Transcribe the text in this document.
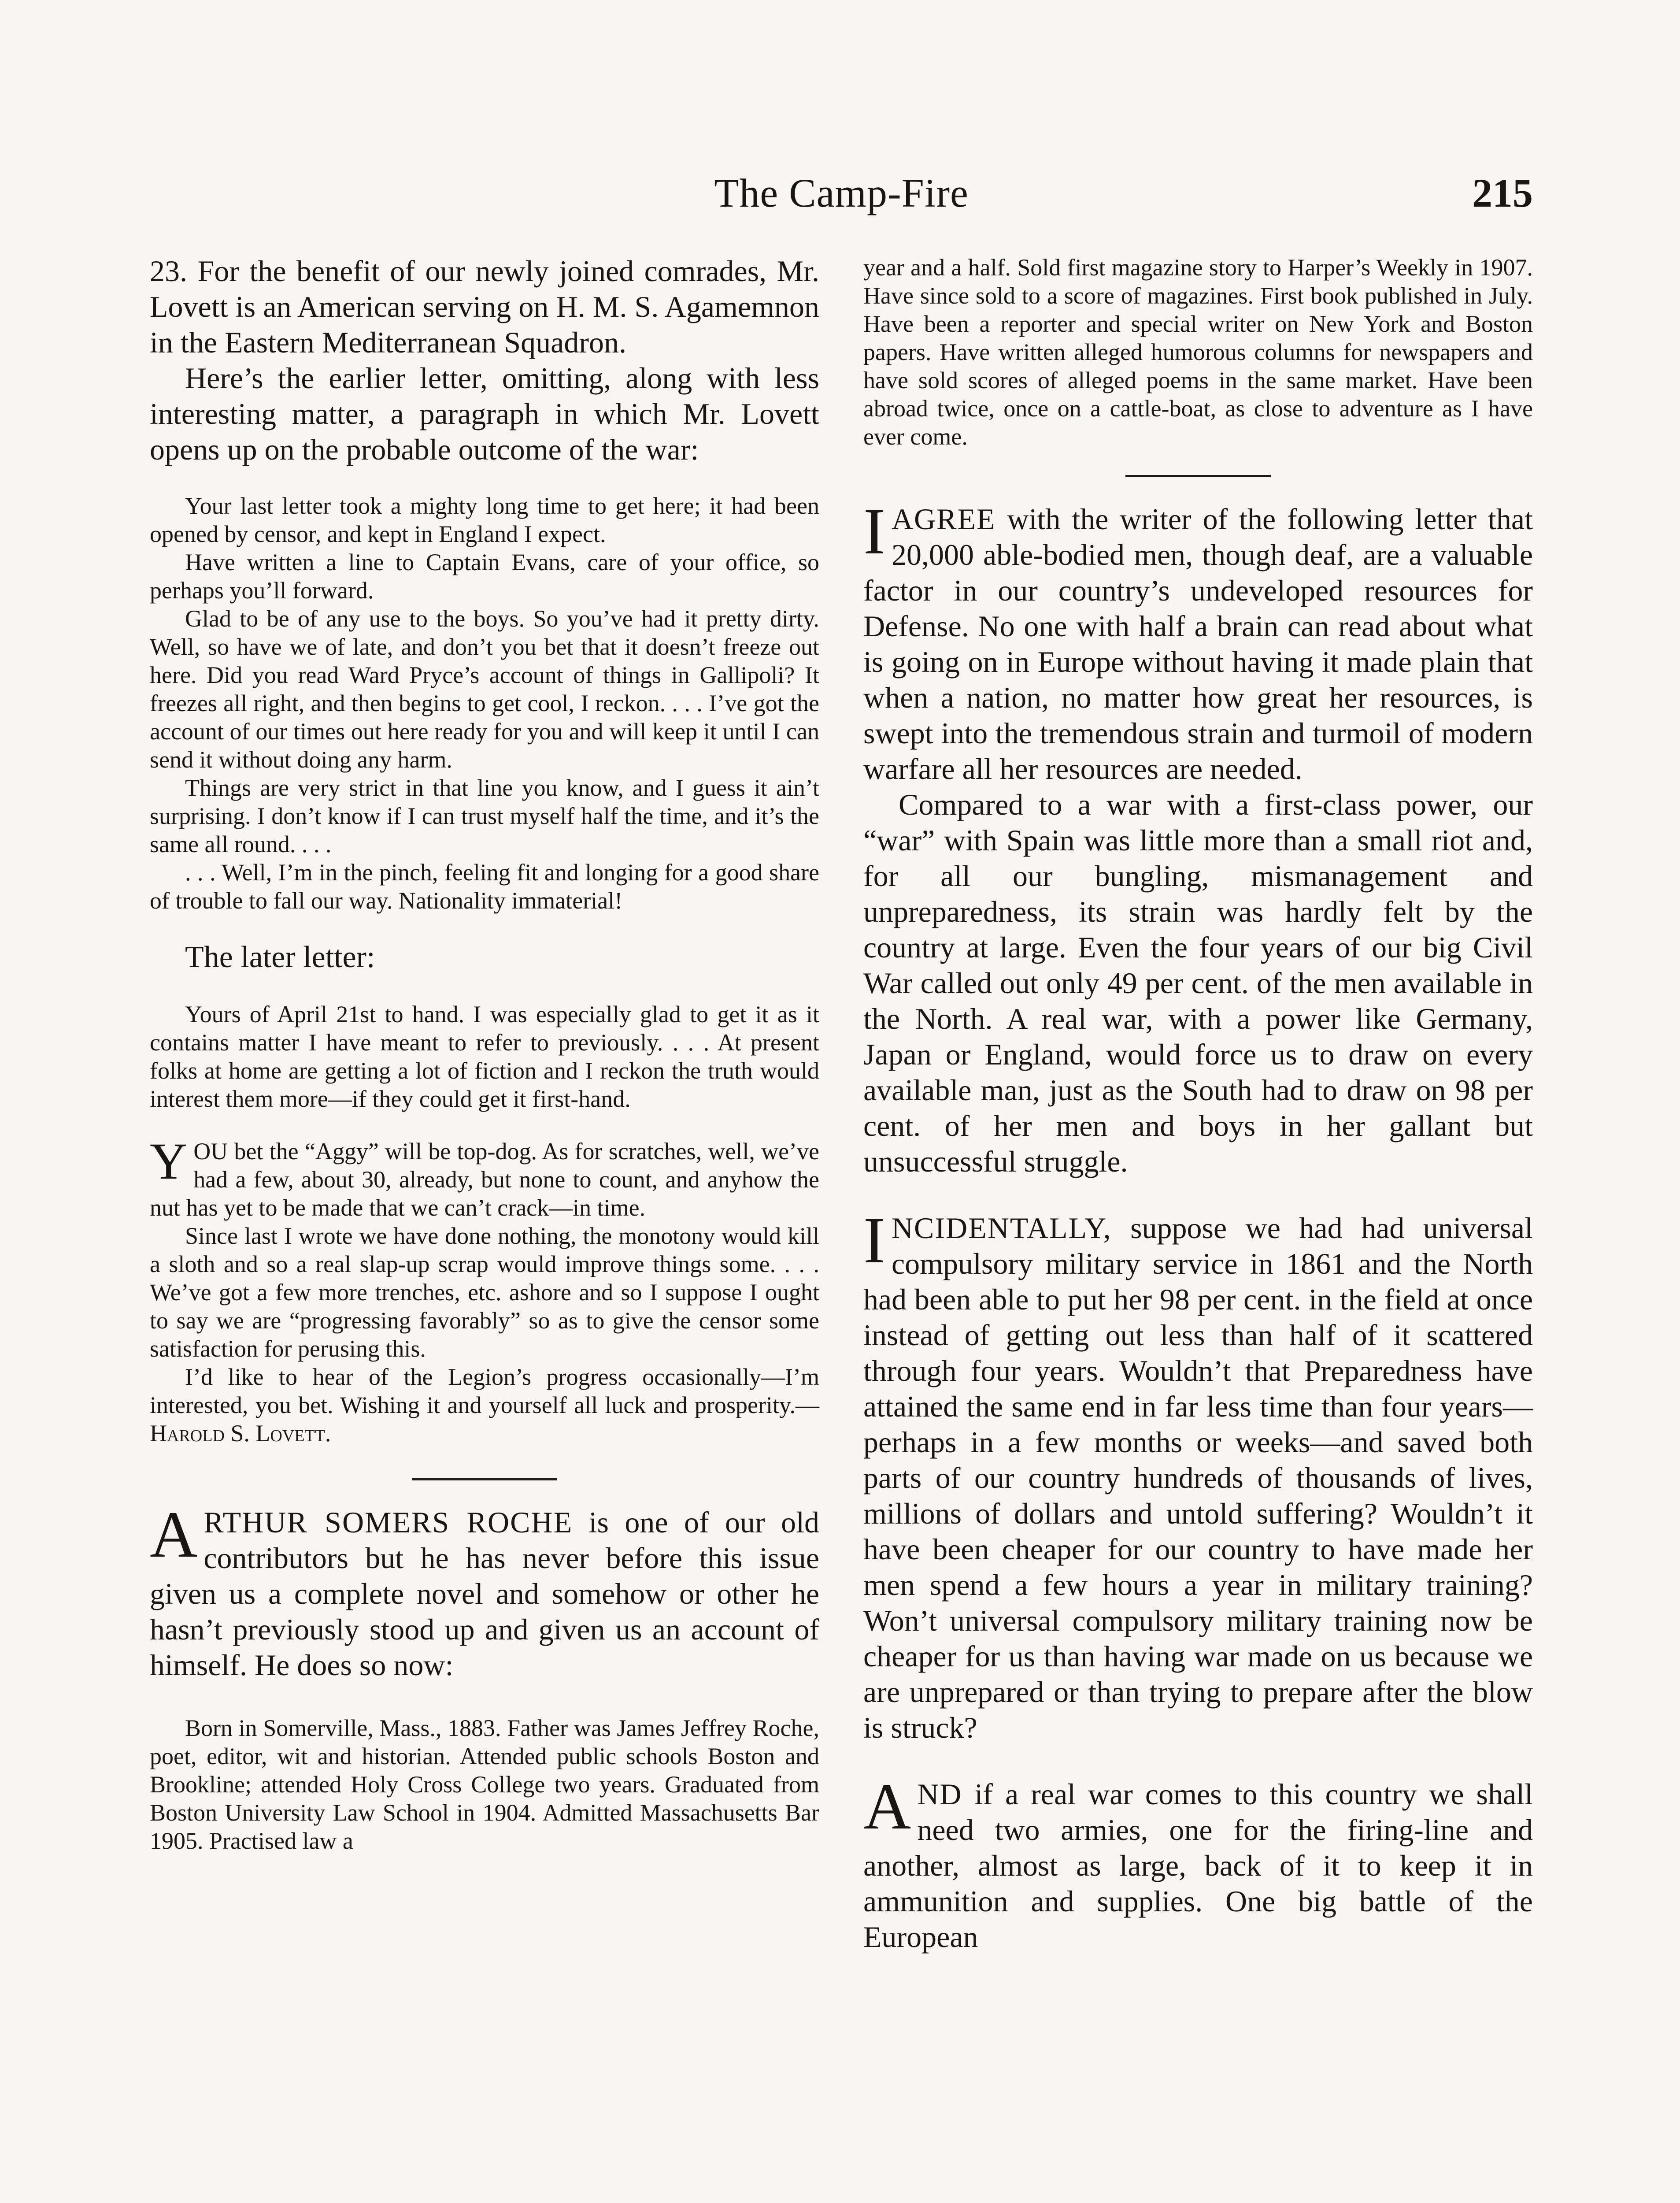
The Camp-Fire	215

23. For the benefit of our newly joined comrades, Mr. Lovett is an American serving on H. M. S. Agamemnon in the Eastern Mediterranean Squadron.

Here’s the earlier letter, omitting, along with less interesting matter, a paragraph in which Mr. Lovett opens up on the probable outcome of the war:

Your last letter took a mighty long time to get here; it had been opened by censor, and kept in England I expect.

Have written a line to Captain Evans, care of your office, so perhaps you’ll forward.

Glad to be of any use to the boys. So you’ve had it pretty dirty. Well, so have we of late, and don’t you bet that it doesn’t freeze out here. Did you read Ward Pryce’s account of things in Gallipoli? It freezes all right, and then begins to get cool, I reckon. . . . I’ve got the account of our times out here ready for you and will keep it until I can send it without doing any harm.

Things are very strict in that line you know, and I guess it ain’t surprising. I don’t know if I can trust myself half the time, and it’s the same all round. . . .

. . . Well, I’m in the pinch, feeling fit and longing for a good share of trouble to fall our way. Nationality immaterial!

The later letter:

Yours of April 21st to hand. I was especially glad to get it as it contains matter I have meant to refer to previously. . . . At present folks at home are getting a lot of fiction and I reckon the truth would interest them more—if they could get it first-hand.

YOU bet the “Aggy” will be top-dog. As for scratches, well, we’ve had a few, about 30, already, but none to count, and anyhow the nut has yet to be made that we can’t crack—in time.

Since last I wrote we have done nothing, the monotony would kill a sloth and so a real slap-up scrap would improve things some. . . . We’ve got a few more trenches, etc. ashore and so I suppose I ought to say we are “progressing favorably” so as to give the censor some satisfaction for perusing this.

I’d like to hear of the Legion’s progress occasionally—I’m interested, you bet. Wishing it and yourself all luck and prosperity.—Harold S. Lovett.

ARTHUR SOMERS ROCHE is one of our old contributors but he has never before this issue given us a complete novel and somehow or other he hasn’t previously stood up and given us an account of himself. He does so now:

Born in Somerville, Mass., 1883. Father was James Jeffrey Roche, poet, editor, wit and historian. Attended public schools Boston and Brookline; attended Holy Cross College two years. Graduated from Boston University Law School in 1904. Admitted Massachusetts Bar 1905. Practised law a

year and a half. Sold first magazine story to Harper’s Weekly in 1907. Have since sold to a score of magazines. First book published in July. Have been a reporter and special writer on New York and Boston papers. Have written alleged humorous columns for newspapers and have sold scores of alleged poems in the same market. Have been abroad twice, once on a cattle-boat, as close to adventure as I have ever come.

I AGREE with the writer of the following letter that 20,000 able-bodied men, though deaf, are a valuable factor in our country’s undeveloped resources for Defense. No one with half a brain can read about what is going on in Europe without having it made plain that when a nation, no matter how great her resources, is swept into the tremendous strain and turmoil of modern warfare all her resources are needed.

Compared to a war with a first-class power, our “war” with Spain was little more than a small riot and, for all our bungling, mismanagement and unpreparedness, its strain was hardly felt by the country at large. Even the four years of our big Civil War called out only 49 per cent. of the men available in the North. A real war, with a power like Germany, Japan or England, would force us to draw on every available man, just as the South had to draw on 98 per cent. of her men and boys in her gallant but unsuccessful struggle.

INCIDENTALLY, suppose we had had universal compulsory military service in 1861 and the North had been able to put her 98 per cent. in the field at once instead of getting out less than half of it scattered through four years. Wouldn’t that Preparedness have attained the same end in far less time than four years—perhaps in a few months or weeks—and saved both parts of our country hundreds of thousands of lives, millions of dollars and untold suffering? Wouldn’t it have been cheaper for our country to have made her men spend a few hours a year in military training? Won’t universal compulsory military training now be cheaper for us than having war made on us because we are unprepared or than trying to prepare after the blow is struck?

AND if a real war comes to this country we shall need two armies, one for the firing-line and another, almost as large, back of it to keep it in ammunition and supplies. One big battle of the European
